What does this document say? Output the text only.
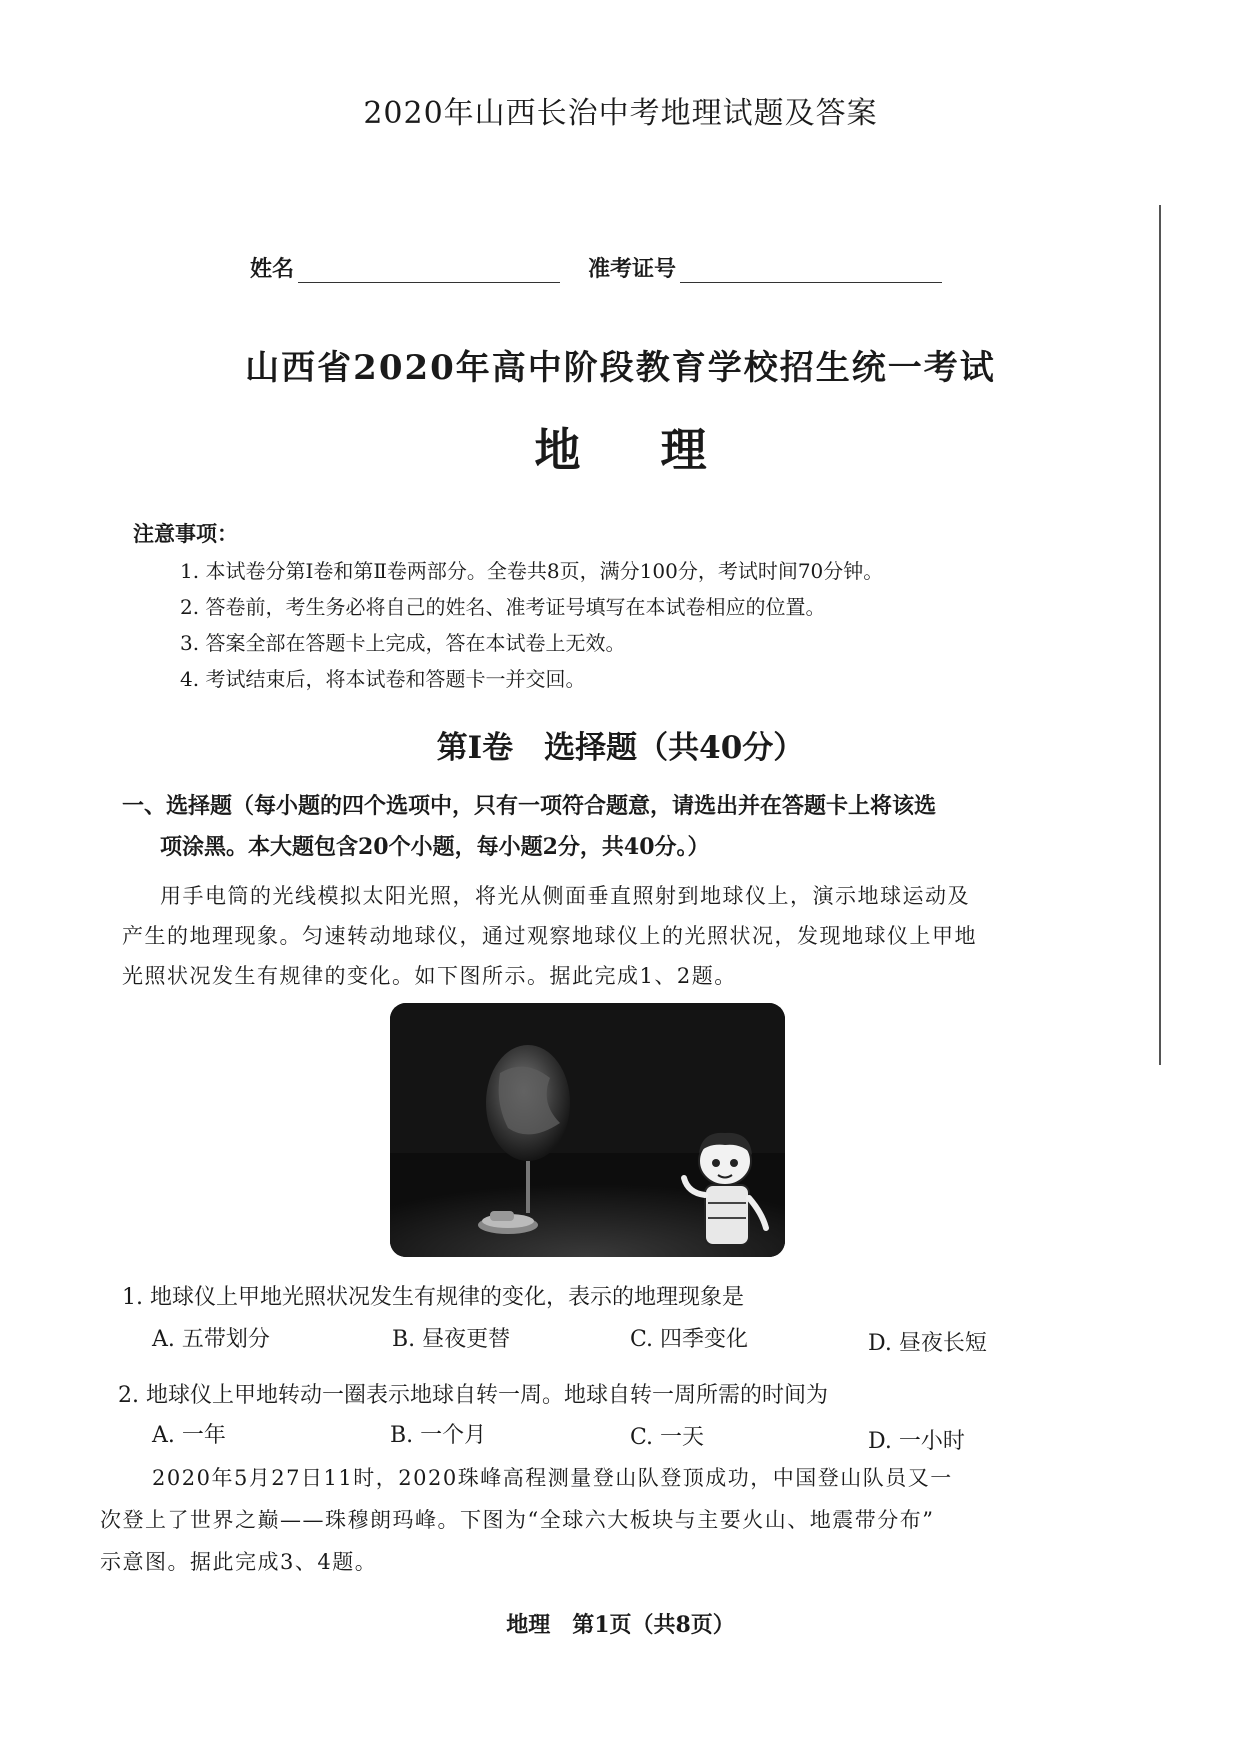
2020年山西长治中考地理试题及答案
姓名	准考证号
山西省2020年高中阶段教育学校招生统一考试
地理
注意事项：
1. 本试卷分第Ⅰ卷和第Ⅱ卷两部分。全卷共8页，满分100分，考试时间70分钟。
2. 答卷前，考生务必将自己的姓名、准考证号填写在本试卷相应的位置。
3. 答案全部在答题卡上完成，答在本试卷上无效。
4. 考试结束后，将本试卷和答题卡一并交回。
第Ⅰ卷　选择题（共40分）
一、选择题（每小题的四个选项中，只有一项符合题意，请选出并在答题卡上将该选
项涂黑。本大题包含20个小题，每小题2分，共40分。）
用手电筒的光线模拟太阳光照，将光从侧面垂直照射到地球仪上，演示地球运动及
产生的地理现象。匀速转动地球仪，通过观察地球仪上的光照状况，发现地球仪上甲地
光照状况发生有规律的变化。如下图所示。据此完成1、2题。
1. 地球仪上甲地光照状况发生有规律的变化，表示的地理现象是
A. 五带划分	B. 昼夜更替	C. 四季变化	D. 昼夜长短
2. 地球仪上甲地转动一圈表示地球自转一周。地球自转一周所需的时间为
A. 一年	B. 一个月	C. 一天	D. 一小时
2020年5月27日11时，2020珠峰高程测量登山队登顶成功，中国登山队员又一
次登上了世界之巅——珠穆朗玛峰。下图为“全球六大板块与主要火山、地震带分布”
示意图。据此完成3、4题。
地理　第1页（共8页）
